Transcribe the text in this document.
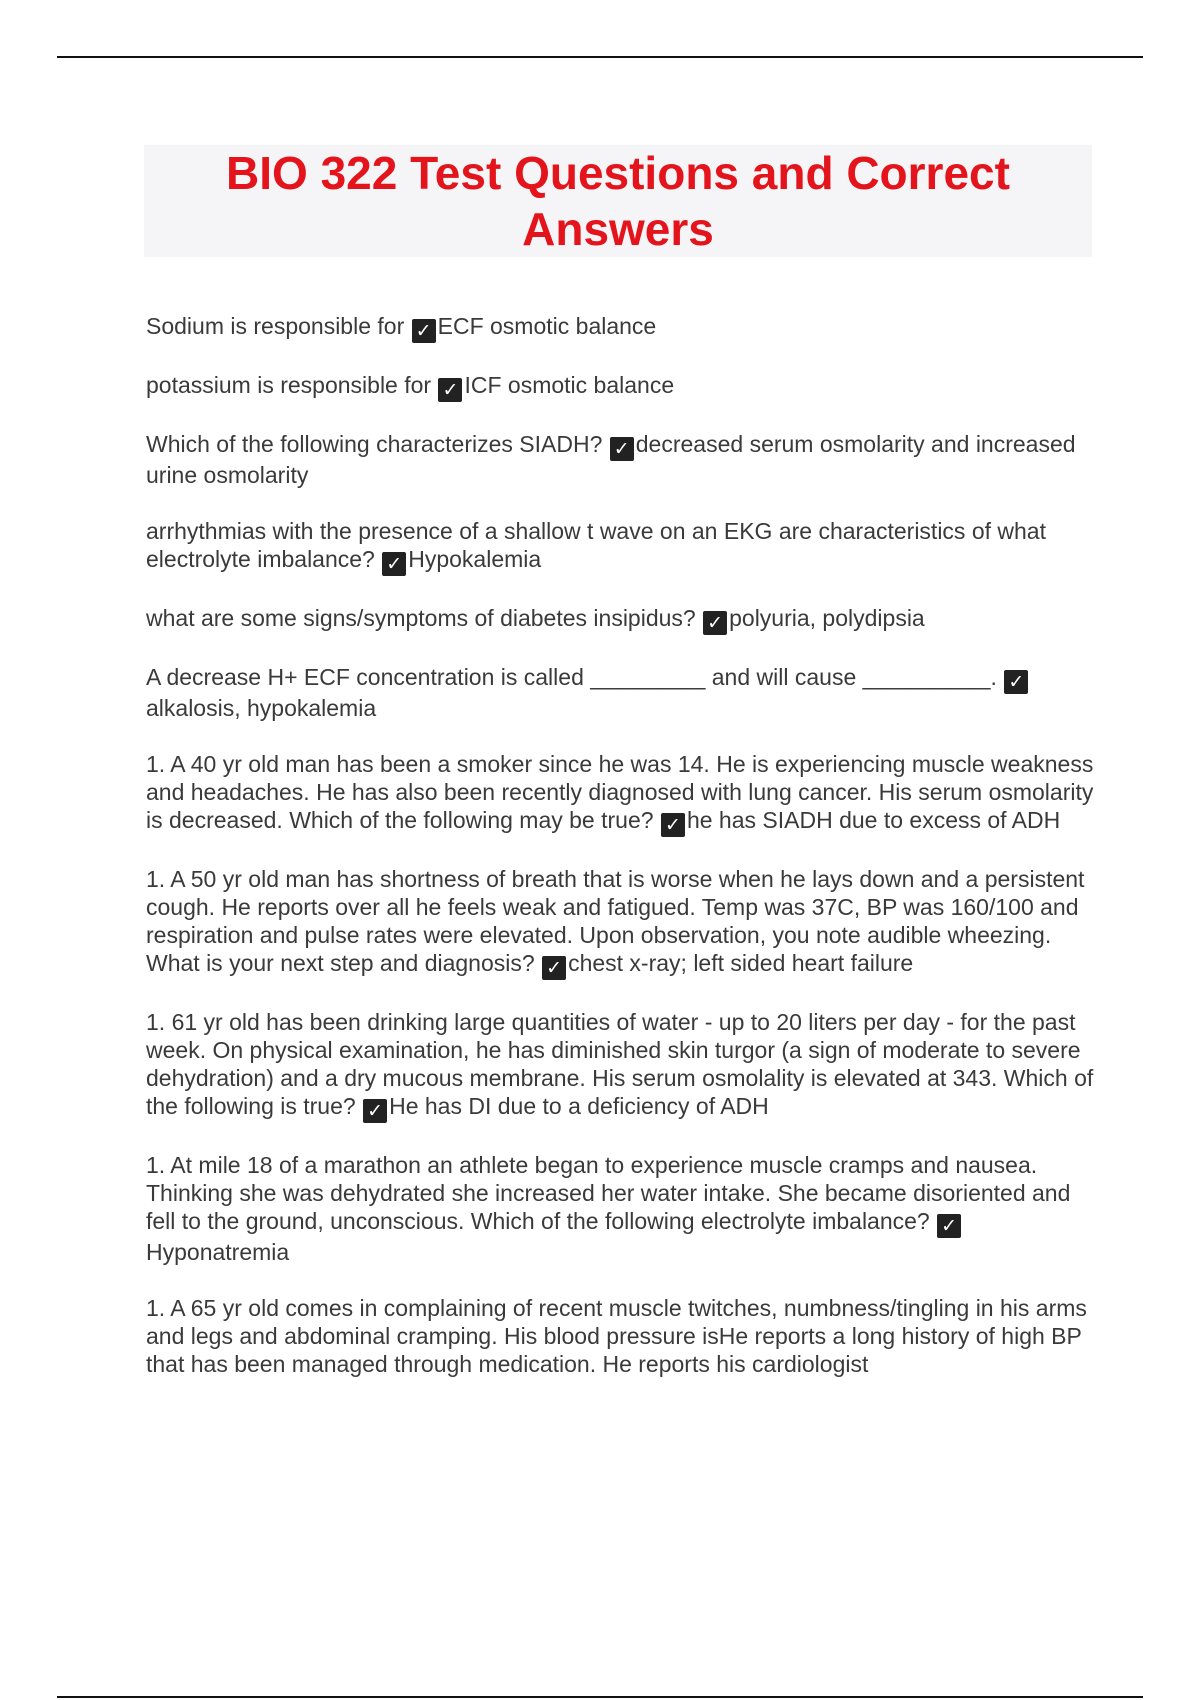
BIO 322 Test Questions and Correct Answers

Sodium is responsible for ✓ ECF osmotic balance

potassium is responsible for ✓ ICF osmotic balance

Which of the following characterizes SIADH? ✓ decreased serum osmolarity and increased urine osmolarity

arrhythmias with the presence of a shallow t wave on an EKG are characteristics of what electrolyte imbalance? ✓ Hypokalemia

what are some signs/symptoms of diabetes insipidus? ✓ polyuria, polydipsia

A decrease H+ ECF concentration is called _________ and will cause __________. ✓alkalosis, hypokalemia

1. A 40 yr old man has been a smoker since he was 14. He is experiencing muscle weakness and headaches. He has also been recently diagnosed with lung cancer. His serum osmolarity is decreased. Which of the following may be true? ✓ he has SIADH due to excess of ADH

1. A 50 yr old man has shortness of breath that is worse when he lays down and a persistent cough. He reports over all he feels weak and fatigued. Temp was 37C, BP was 160/100 and respiration and pulse rates were elevated. Upon observation, you note audible wheezing. What is your next step and diagnosis? ✓ chest x-ray; left sided heart failure

1. 61 yr old has been drinking large quantities of water - up to 20 liters per day - for the past week. On physical examination, he has diminished skin turgor (a sign of moderate to severe dehydration) and a dry mucous membrane. His serum osmolality is elevated at 343. Which of the following is true? ✓ He has DI due to a deficiency of ADH

1. At mile 18 of a marathon an athlete began to experience muscle cramps and nausea. Thinking she was dehydrated she increased her water intake. She became disoriented and fell to the ground, unconscious. Which of the following electrolyte imbalance? ✓Hyponatremia

1. A 65 yr old comes in complaining of recent muscle twitches, numbness/tingling in his arms and legs and abdominal cramping. His blood pressure isHe reports a long history of high BP that has been managed through medication. He reports his cardiologist
